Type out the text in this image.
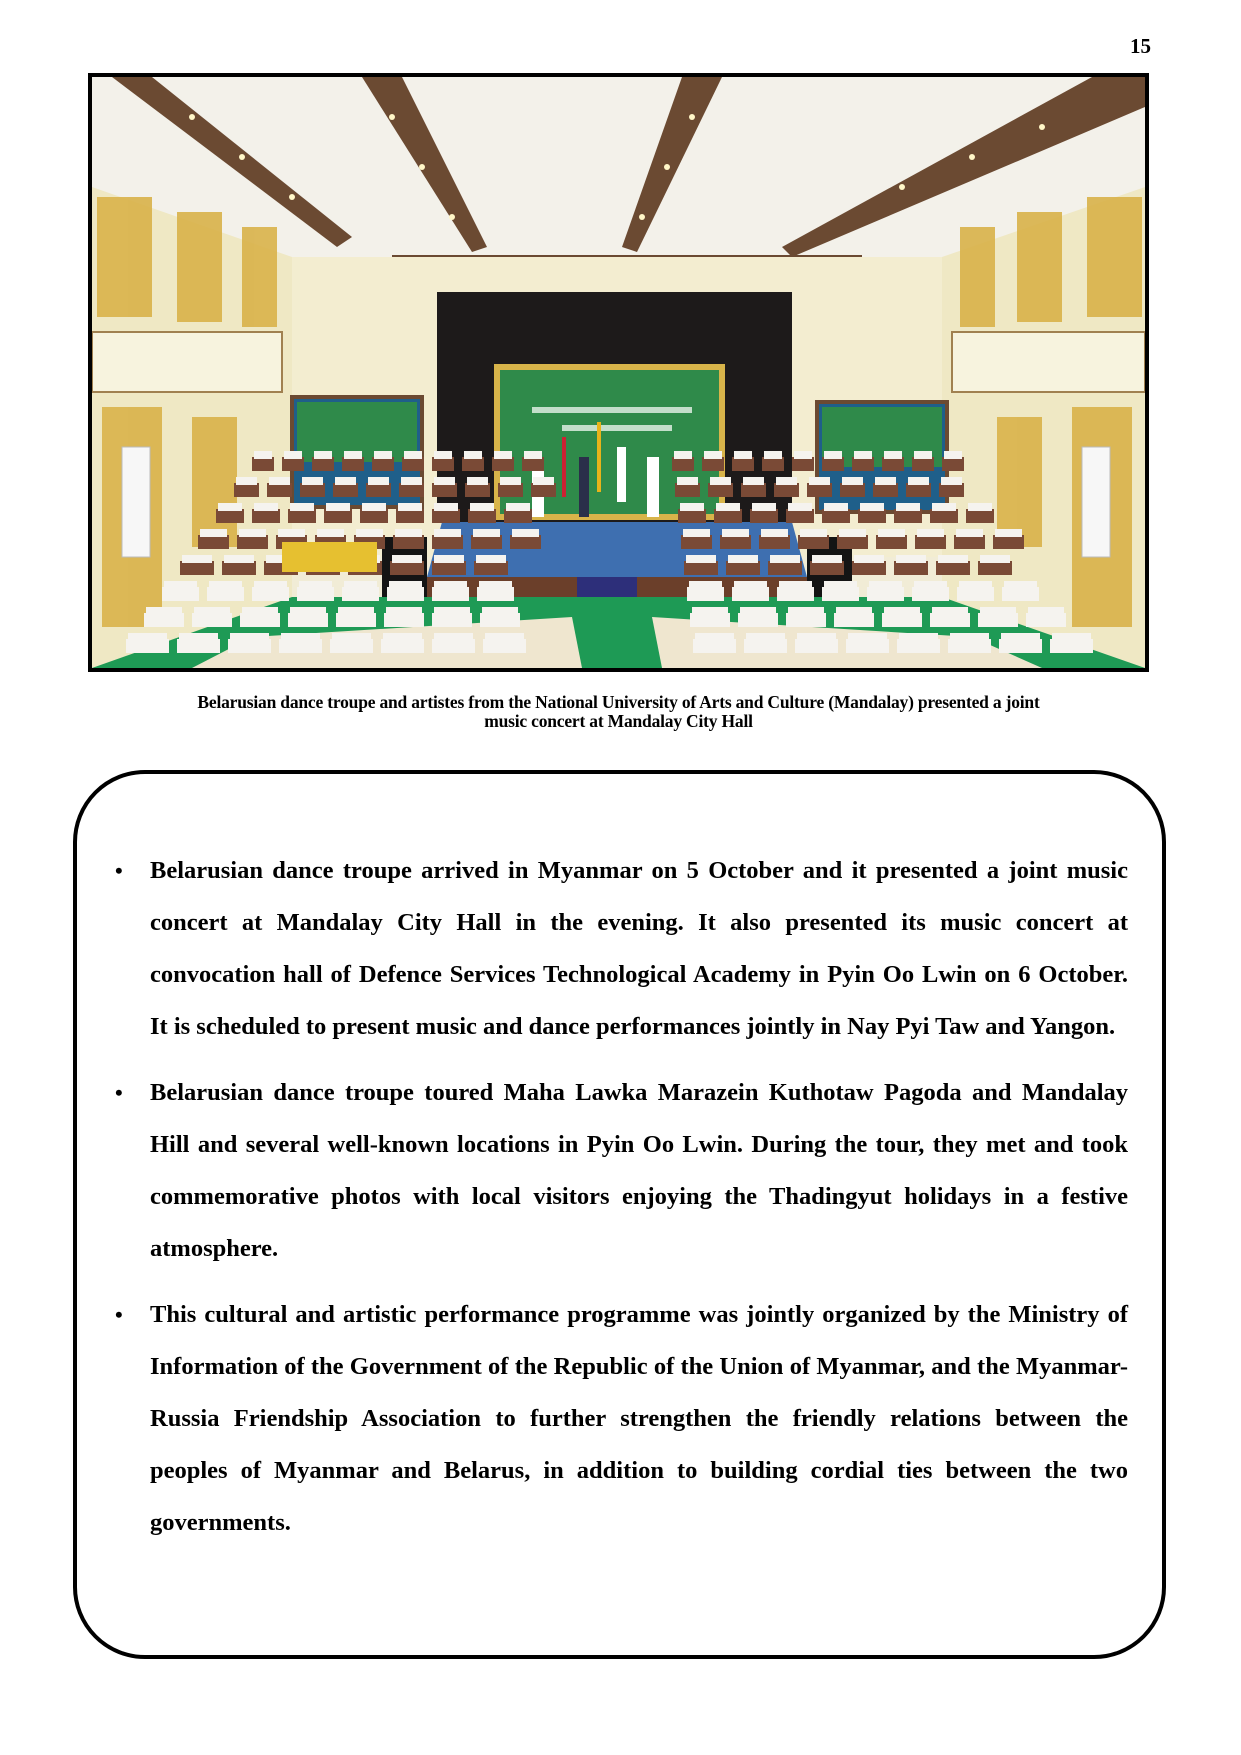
15
Belarusian dance troupe and artistes from the National University of Arts and Culture (Mandalay) presented a joint
music concert at Mandalay City Hall
• Belarusian dance troupe arrived in Myanmar on 5 October and it presented a joint music concert at Mandalay City Hall in the evening. It also presented its music concert at convocation hall of Defence Services Technological Academy in Pyin Oo Lwin on 6 October. It is scheduled to present music and dance performances jointly in Nay Pyi Taw and Yangon.
• Belarusian dance troupe toured Maha Lawka Marazein Kuthotaw Pagoda and Mandalay Hill and several well-known locations in Pyin Oo Lwin. During the tour, they met and took commemorative photos with local visitors enjoying the Thadingyut holidays in a festive atmosphere.
• This cultural and artistic performance programme was jointly organized by the Ministry of Information of the Government of the Republic of the Union of Myanmar, and the Myanmar-Russia Friendship Association to further strengthen the friendly relations between the peoples of Myanmar and Belarus, in addition to building cordial ties between the two governments.
